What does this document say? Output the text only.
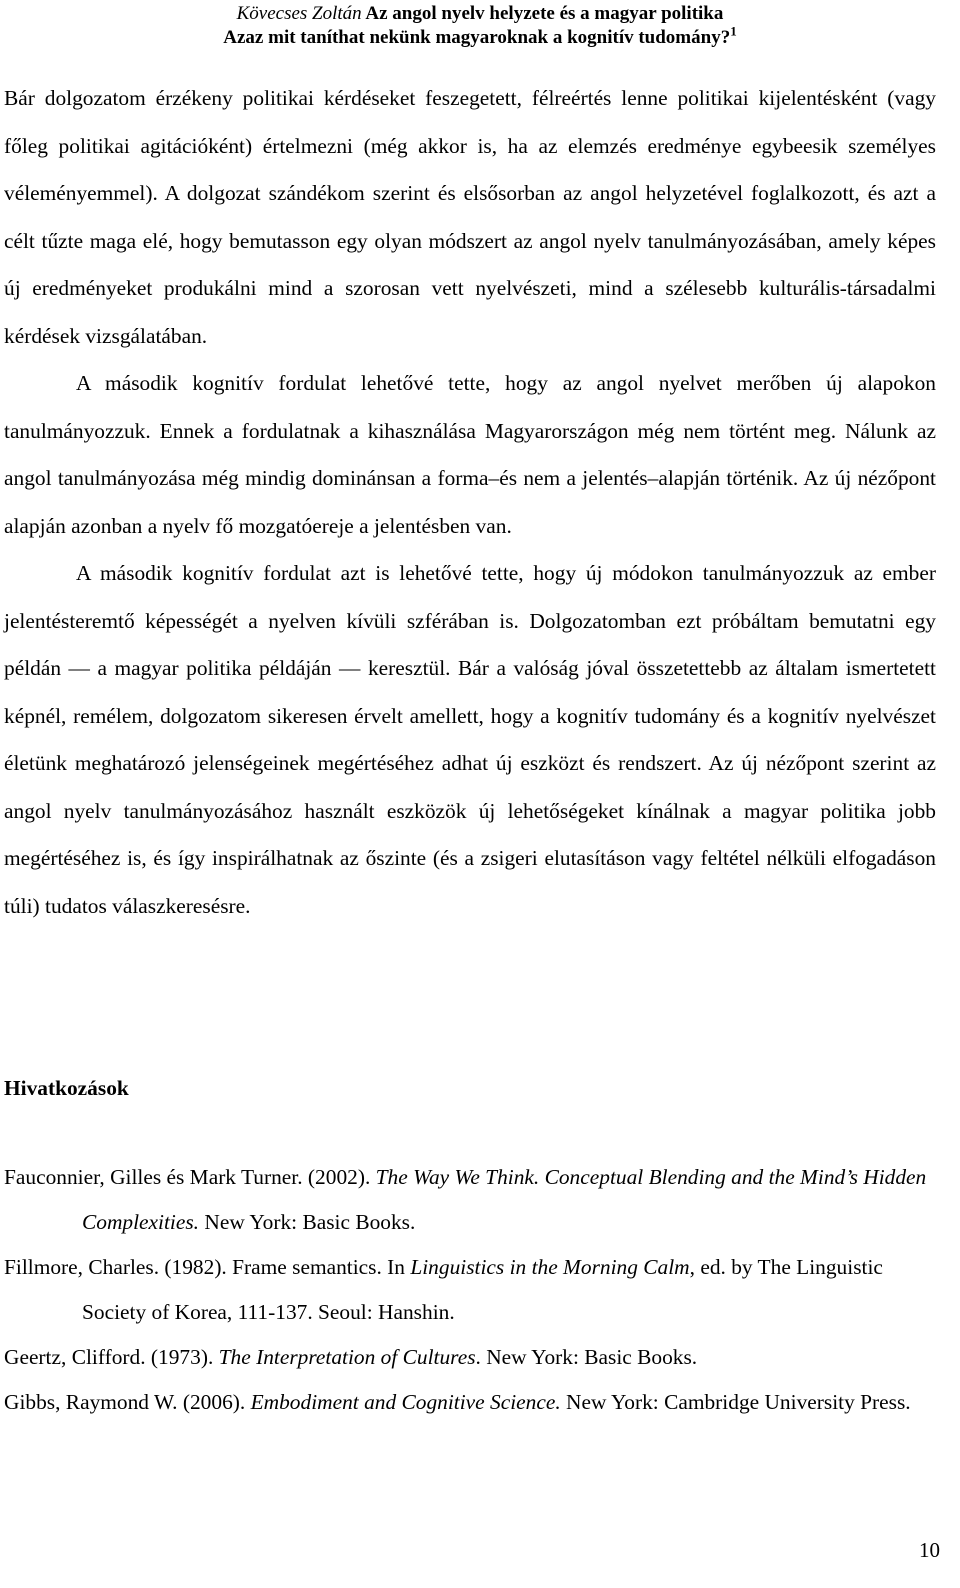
Kövecses Zoltán Az angol nyelv helyzete és a magyar politika
Azaz mit taníthat nekünk magyaroknak a kognitív tudomány?$^1$

Bár dolgozatom érzékeny politikai kérdéseket feszegetett, félreértés lenne politikai kijelentésként (vagy főleg politikai agitációként) értelmezni (még akkor is, ha az elemzés eredménye egybeesik személyes véleményemmel). A dolgozat szándékom szerint és elsősorban az angol helyzetével foglalkozott, és azt a célt tűzte maga elé, hogy bemutasson egy olyan módszert az angol nyelv tanulmányozásában, amely képes új eredményeket produkálni mind a szorosan vett nyelvészeti, mind a szélesebb kulturális-társadalmi kérdések vizsgálatában.

A második kognitív fordulat lehetővé tette, hogy az angol nyelvet merőben új alapokon tanulmányozzuk. Ennek a fordulatnak a kihasználása Magyarországon még nem történt meg. Nálunk az angol tanulmányozása még mindig dominánsan a forma–és nem a jelentés–alapján történik. Az új nézőpont alapján azonban a nyelv fő mozgatóereje a jelentésben van.

A második kognitív fordulat azt is lehetővé tette, hogy új módokon tanulmányozzuk az ember jelentésteremtő képességét a nyelven kívüli szférában is. Dolgozatomban ezt próbáltam bemutatni egy példán — a magyar politika példáján — keresztül. Bár a valóság jóval összetettebb az általam ismertetett képnél, remélem, dolgozatom sikeresen érvelt amellett, hogy a kognitív tudomány és a kognitív nyelvészet életünk meghatározó jelenségeinek megértéséhez adhat új eszközt és rendszert. Az új nézőpont szerint az angol nyelv tanulmányozásához használt eszközök új lehetőségeket kínálnak a magyar politika jobb megértéséhez is, és így inspirálhatnak az őszinte (és a zsigeri elutasításon vagy feltétel nélküli elfogadáson túli) tudatos válaszkeresésre.

Hivatkozások

Fauconnier, Gilles és Mark Turner. (2002). The Way We Think. Conceptual Blending and the Mind’s Hidden Complexities. New York: Basic Books.

Fillmore, Charles. (1982). Frame semantics. In Linguistics in the Morning Calm, ed. by The Linguistic Society of Korea, 111-137. Seoul: Hanshin.

Geertz, Clifford. (1973). The Interpretation of Cultures. New York: Basic Books.

Gibbs, Raymond W. (2006). Embodiment and Cognitive Science. New York: Cambridge University Press.

10
